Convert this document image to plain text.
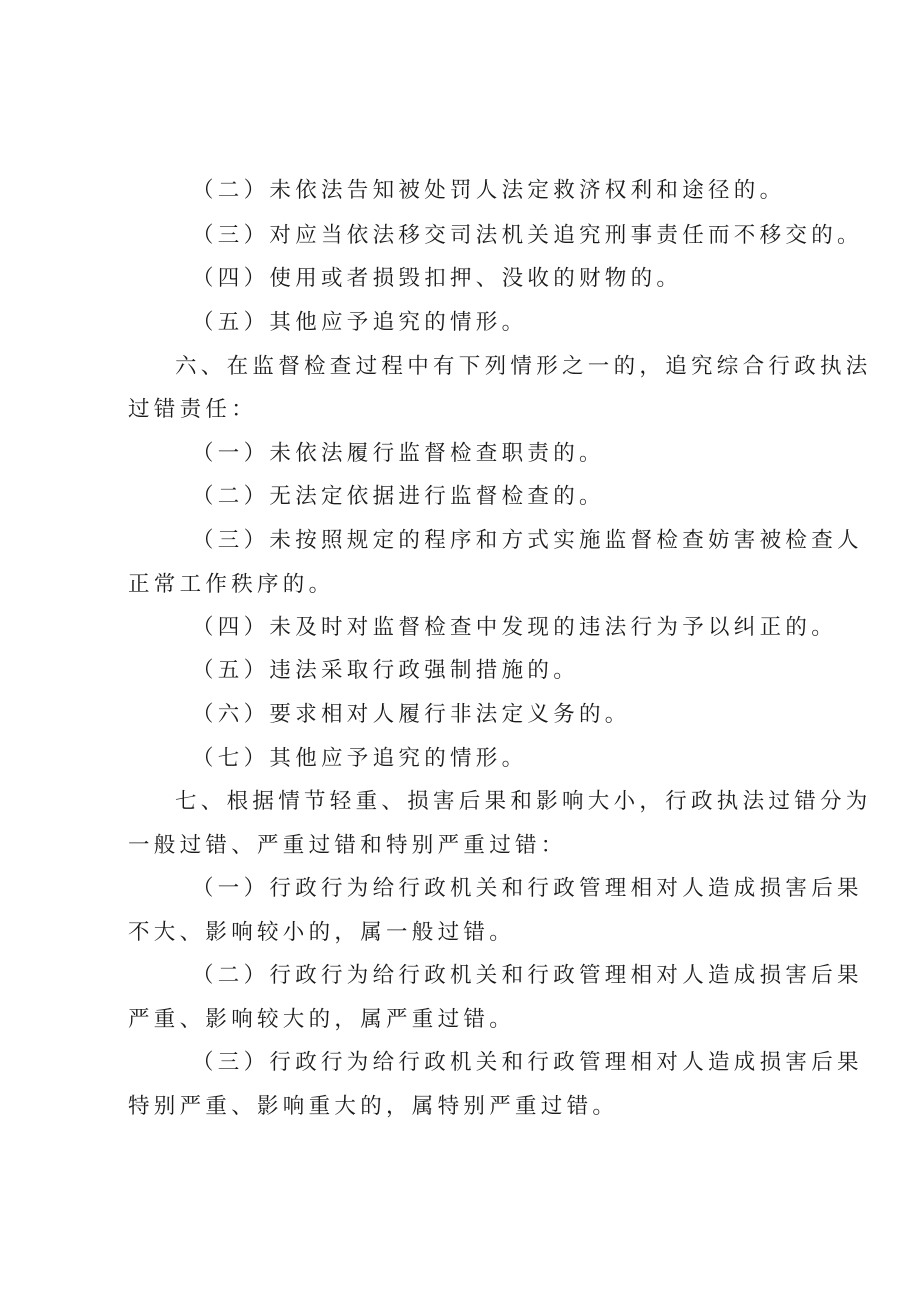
（二）未依法告知被处罚人法定救济权利和途径的。
（三）对应当依法移交司法机关追究刑事责任而不移交的。
（四）使用或者损毁扣押、没收的财物的。
（五）其他应予追究的情形。
六、在监督检查过程中有下列情形之一的，追究综合行政执法
过错责任：
（一）未依法履行监督检查职责的。
（二）无法定依据进行监督检查的。
（三）未按照规定的程序和方式实施监督检查妨害被检查人
正常工作秩序的。
（四）未及时对监督检查中发现的违法行为予以纠正的。
（五）违法采取行政强制措施的。
（六）要求相对人履行非法定义务的。
（七）其他应予追究的情形。
七、根据情节轻重、损害后果和影响大小，行政执法过错分为
一般过错、严重过错和特别严重过错：
（一）行政行为给行政机关和行政管理相对人造成损害后果
不大、影响较小的，属一般过错。
（二）行政行为给行政机关和行政管理相对人造成损害后果
严重、影响较大的，属严重过错。
（三）行政行为给行政机关和行政管理相对人造成损害后果
特别严重、影响重大的，属特别严重过错。
